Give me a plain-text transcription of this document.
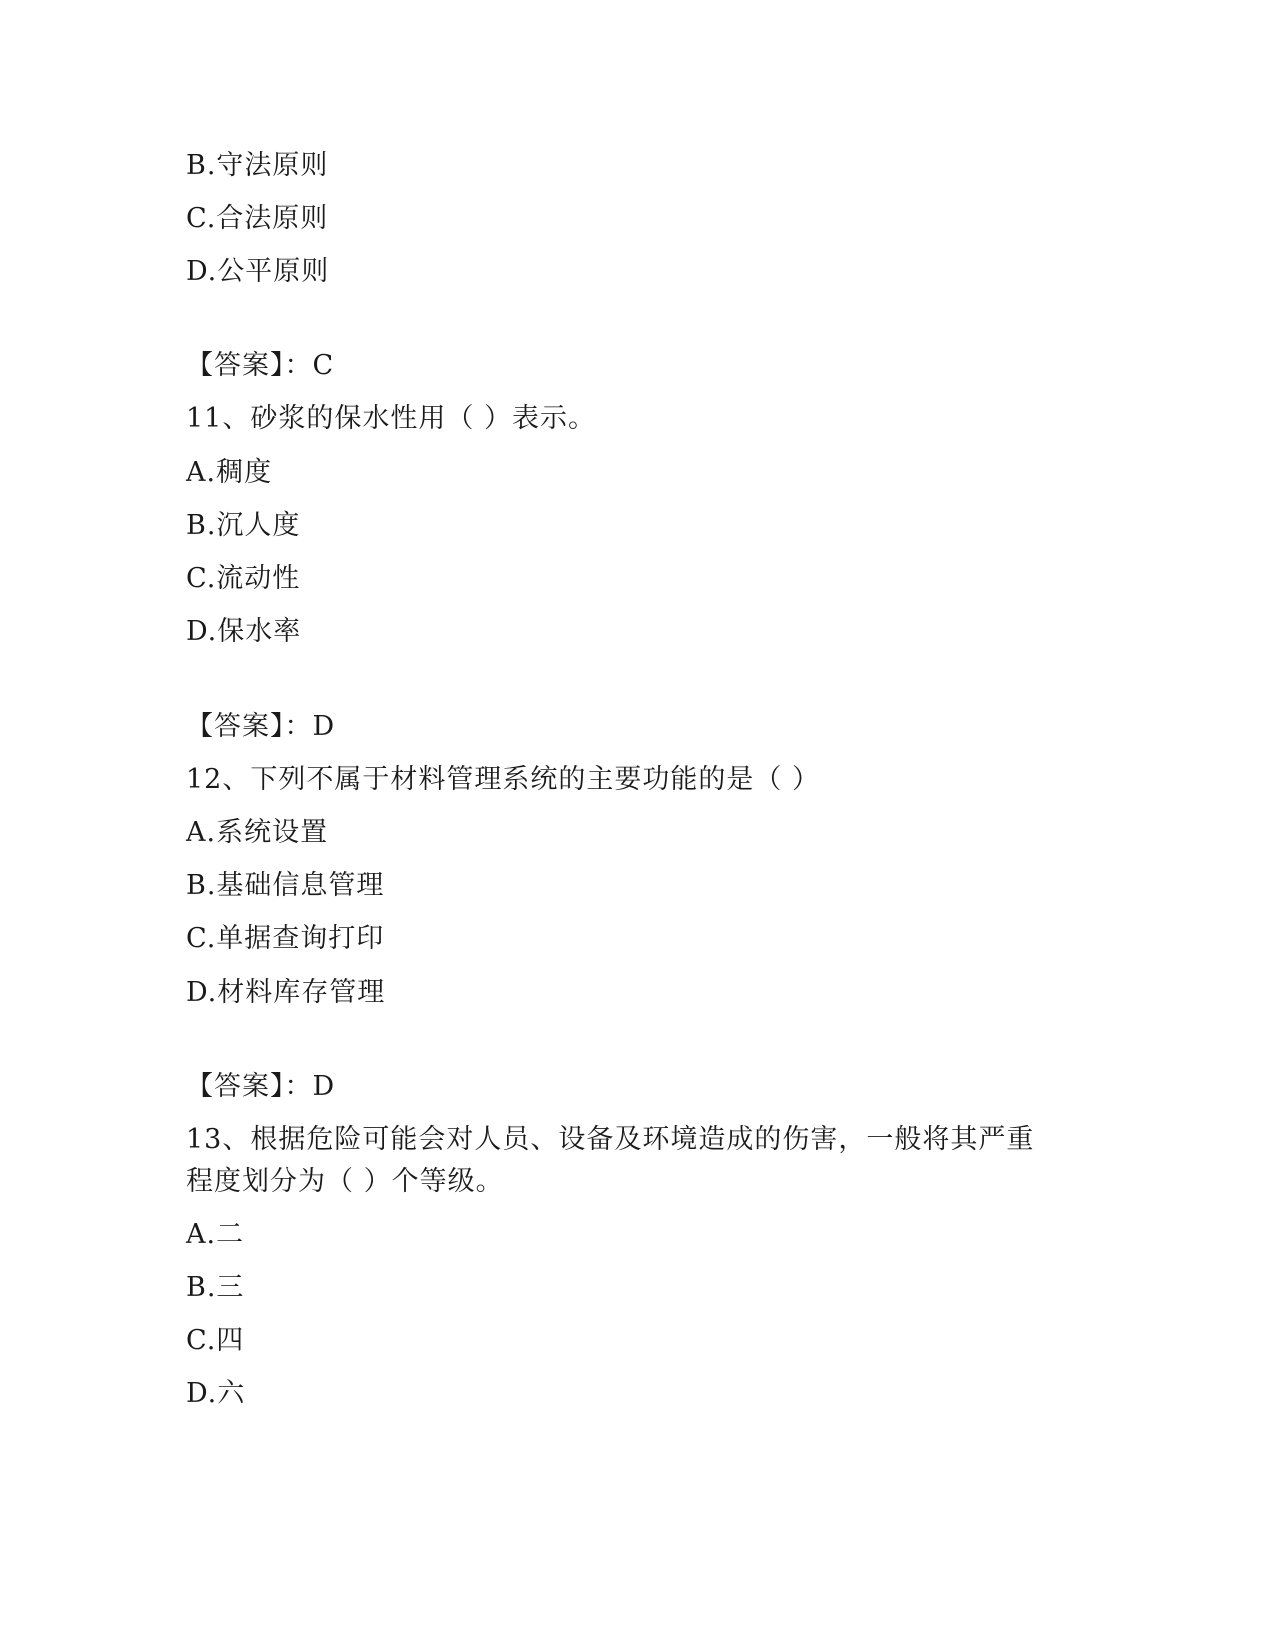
B.守法原则
C.合法原则
D.公平原则
【答案】：C
11、砂浆的保水性用（ ）表示。
A.稠度
B.沉人度
C.流动性
D.保水率
【答案】：D
12、下列不属于材料管理系统的主要功能的是（ ）
A.系统设置
B.基础信息管理
C.单据查询打印
D.材料库存管理
【答案】：D
13、根据危险可能会对人员、设备及环境造成的伤害，一般将其严重
程度划分为（ ）个等级。
A.二
B.三
C.四
D.六
